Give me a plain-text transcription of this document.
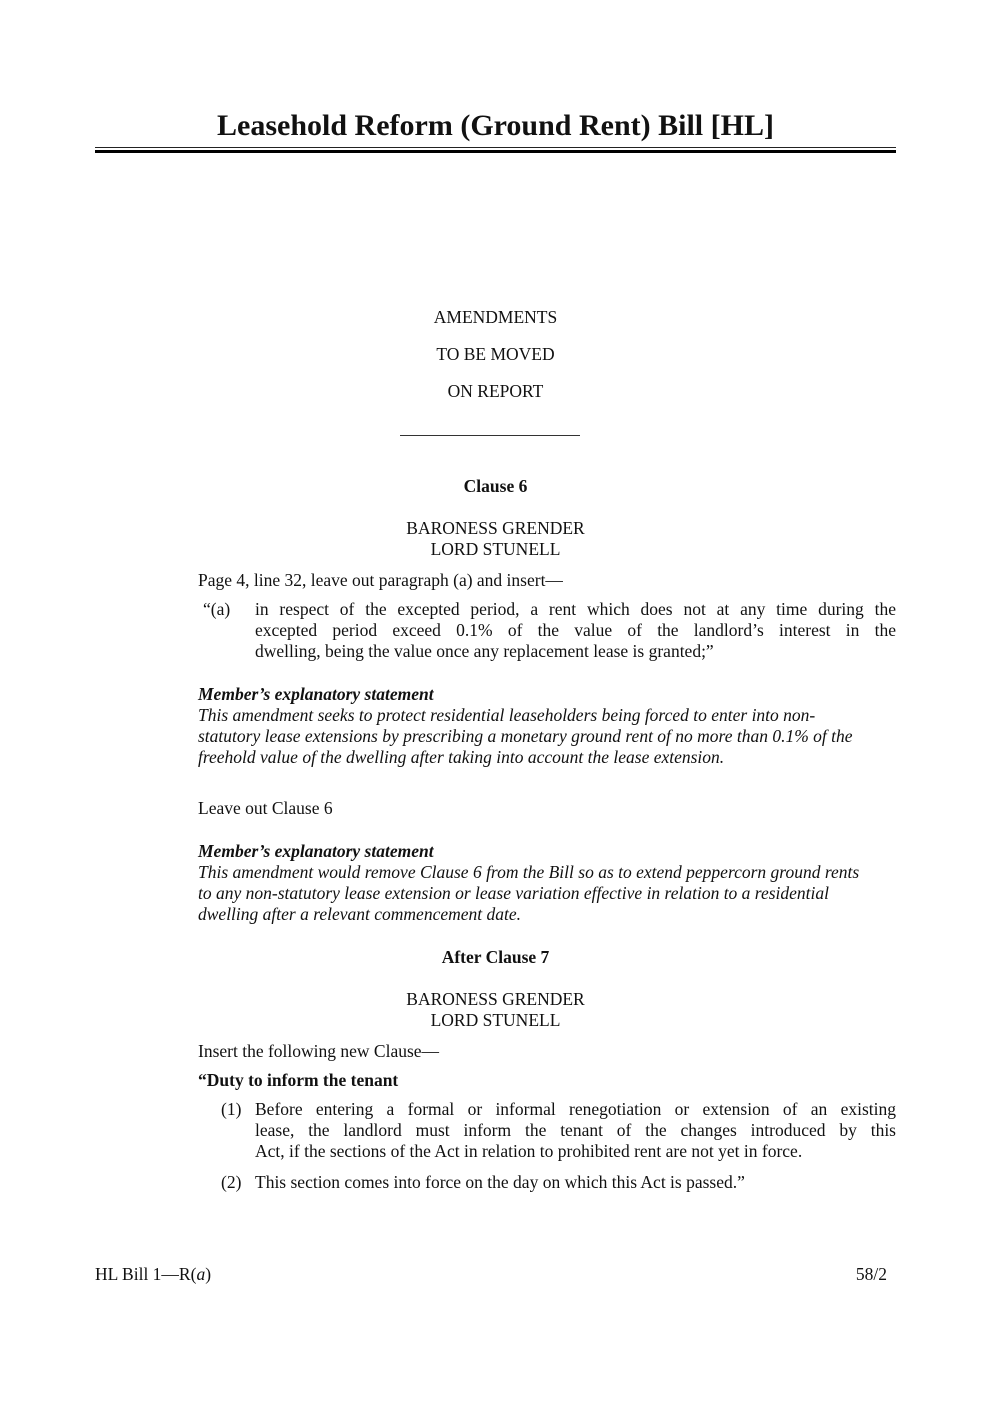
Leasehold Reform (Ground Rent) Bill [HL]
AMENDMENTS
TO BE MOVED
ON REPORT
Clause 6
BARONESS GRENDER
LORD STUNELL
Page 4, line 32, leave out paragraph (a) and insert—
“(a) in respect of the excepted period, a rent which does not at any time during the
excepted period exceed 0.1% of the value of the landlord’s interest in the
dwelling, being the value once any replacement lease is granted;”
Member’s explanatory statement
This amendment seeks to protect residential leaseholders being forced to enter into non-
statutory lease extensions by prescribing a monetary ground rent of no more than 0.1% of the
freehold value of the dwelling after taking into account the lease extension.
Leave out Clause 6
Member’s explanatory statement
This amendment would remove Clause 6 from the Bill so as to extend peppercorn ground rents
to any non-statutory lease extension or lease variation effective in relation to a residential
dwelling after a relevant commencement date.
After Clause 7
BARONESS GRENDER
LORD STUNELL
Insert the following new Clause—
“Duty to inform the tenant
(1) Before entering a formal or informal renegotiation or extension of an existing
lease, the landlord must inform the tenant of the changes introduced by this
Act, if the sections of the Act in relation to prohibited rent are not yet in force.
(2) This section comes into force on the day on which this Act is passed.”
HL Bill 1—R(a)	58/2
